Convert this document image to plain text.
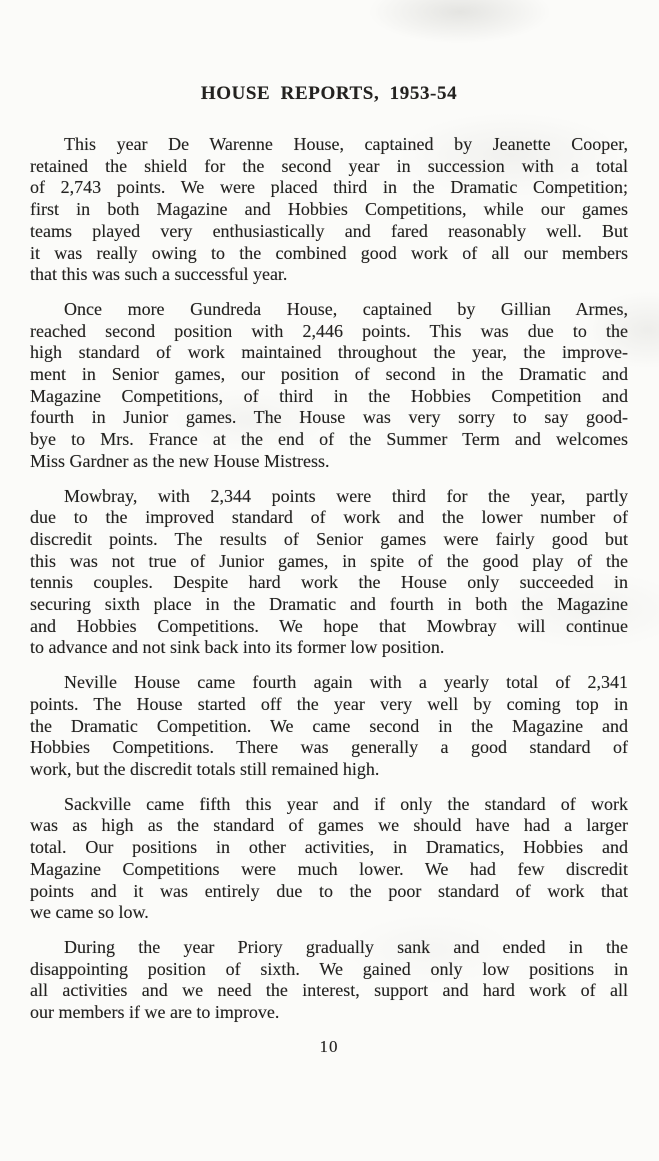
HOUSE REPORTS, 1953-54

This year De Warenne House, captained by Jeanette Cooper,
retained the shield for the second year in succession with a total
of 2,743 points. We were placed third in the Dramatic Competition;
first in both Magazine and Hobbies Competitions, while our games
teams played very enthusiastically and fared reasonably well. But
it was really owing to the combined good work of all our members
that this was such a successful year.

Once more Gundreda House, captained by Gillian Armes,
reached second position with 2,446 points. This was due to the
high standard of work maintained throughout the year, the improve-
ment in Senior games, our position of second in the Dramatic and
Magazine Competitions, of third in the Hobbies Competition and
fourth in Junior games. The House was very sorry to say good-
bye to Mrs. France at the end of the Summer Term and welcomes
Miss Gardner as the new House Mistress.

Mowbray, with 2,344 points were third for the year, partly
due to the improved standard of work and the lower number of
discredit points. The results of Senior games were fairly good but
this was not true of Junior games, in spite of the good play of the
tennis couples. Despite hard work the House only succeeded in
securing sixth place in the Dramatic and fourth in both the Magazine
and Hobbies Competitions. We hope that Mowbray will continue
to advance and not sink back into its former low position.

Neville House came fourth again with a yearly total of 2,341
points. The House started off the year very well by coming top in
the Dramatic Competition. We came second in the Magazine and
Hobbies Competitions. There was generally a good standard of
work, but the discredit totals still remained high.

Sackville came fifth this year and if only the standard of work
was as high as the standard of games we should have had a larger
total. Our positions in other activities, in Dramatics, Hobbies and
Magazine Competitions were much lower. We had few discredit
points and it was entirely due to the poor standard of work that
we came so low.

During the year Priory gradually sank and ended in the
disappointing position of sixth. We gained only low positions in
all activities and we need the interest, support and hard work of all
our members if we are to improve.

10
